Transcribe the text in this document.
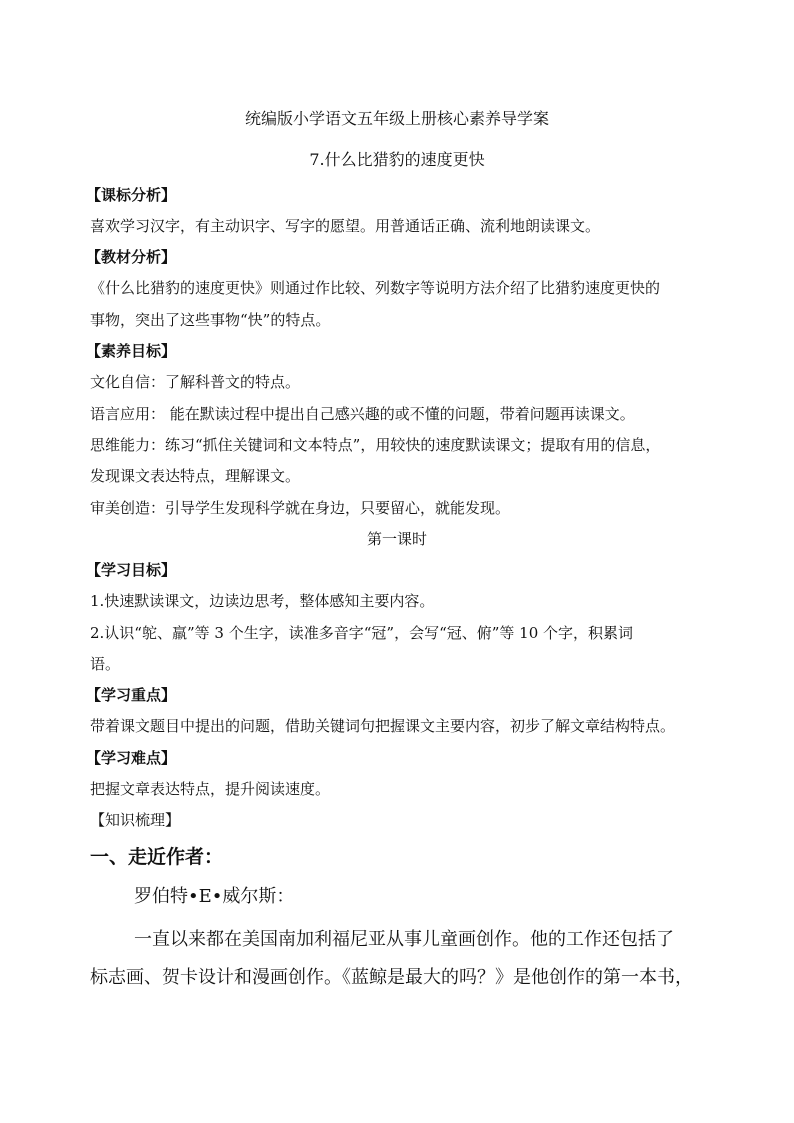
统编版小学语文五年级上册核心素养导学案
7.什么比猎豹的速度更快
【课标分析】
喜欢学习汉字，有主动识字、写字的愿望。用普通话正确、流利地朗读课文。
【教材分析】
《什么比猎豹的速度更快》则通过作比较、列数字等说明方法介绍了比猎豹速度更快的
事物，突出了这些事物“快”的特点。
【素养目标】
文化自信：了解科普文的特点。
语言应用： 能在默读过程中提出自己感兴趣的或不懂的问题，带着问题再读课文。
思维能力：练习“抓住关键词和文本特点”，用较快的速度默读课文；提取有用的信息，
发现课文表达特点，理解课文。
审美创造：引导学生发现科学就在身边，只要留心，就能发现。
第一课时
【学习目标】
1.快速默读课文，边读边思考，整体感知主要内容。
2.认识“鸵、羸”等 3 个生字，读准多音字“冠”，会写“冠、俯”等 10 个字，积累词
语。
【学习重点】
带着课文题目中提出的问题，借助关键词句把握课文主要内容，初步了解文章结构特点。
【学习难点】
把握文章表达特点，提升阅读速度。
【知识梳理】
一、走近作者：
罗伯特•E•威尔斯：
一直以来都在美国南加利福尼亚从事儿童画创作。他的工作还包括了
标志画、贺卡设计和漫画创作。《蓝鲸是最大的吗？》是他创作的第一本书，
